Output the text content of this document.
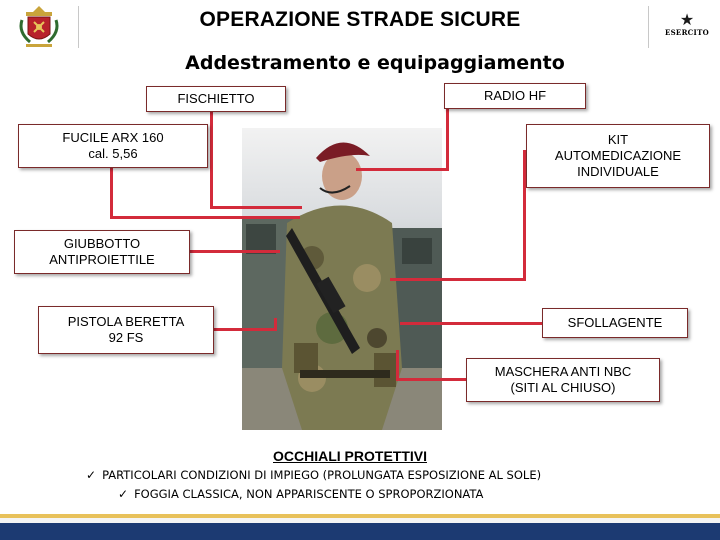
OPERAZIONE STRADE SICURE	★
ESERCITO
Addestramento e equipaggiamento
FISCHIETTO	RADIO HF
FUCILE ARX 160
cal. 5,56
KIT
AUTOMEDICAZIONE
INDIVIDUALE
GIUBBOTTO
ANTIPROIETTILE
PISTOLA BERETTA
92 FS
SFOLLAGENTE
MASCHERA ANTI NBC
(SITI AL CHIUSO)
OCCHIALI PROTETTIVI
✓ PARTICOLARI CONDIZIONI DI IMPIEGO (PROLUNGATA ESPOSIZIONE AL SOLE)
✓ FOGGIA CLASSICA, NON APPARISCENTE O SPROPORZIONATA
